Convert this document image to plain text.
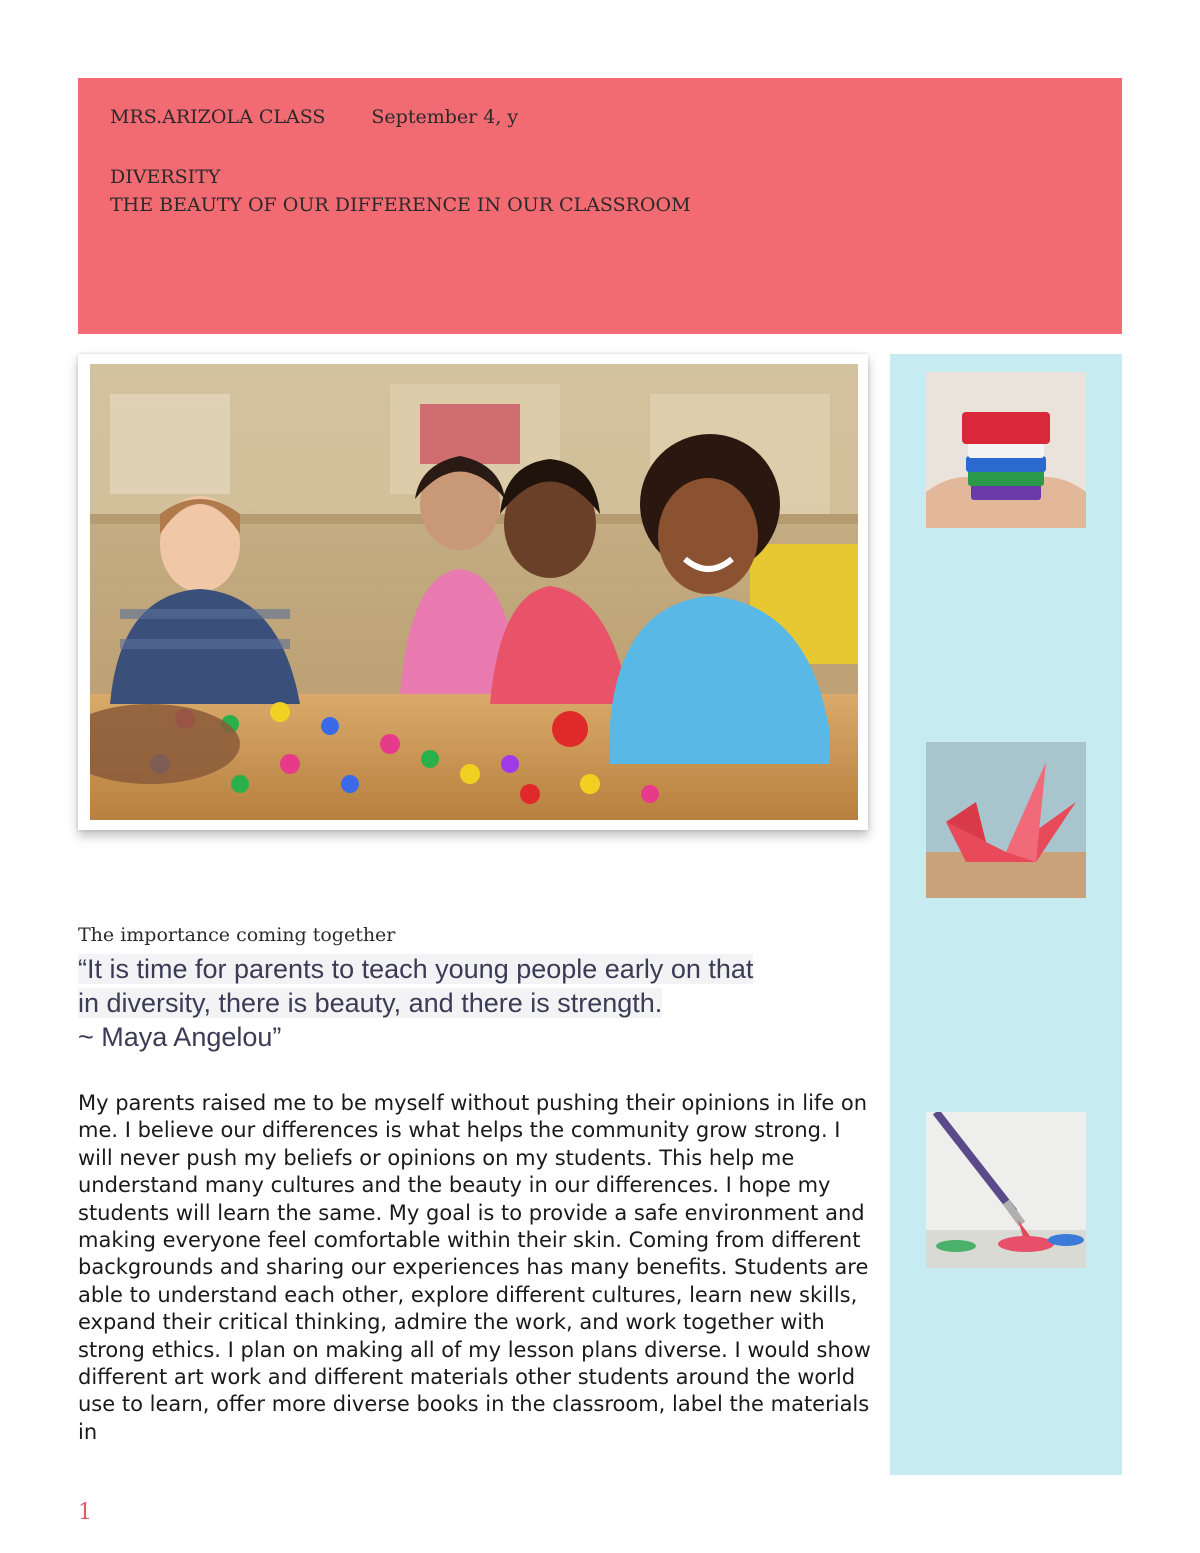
MRS.ARIZOLA CLASS September 4, y
DIVERSITY
THE BEAUTY OF OUR DIFFERENCE IN OUR CLASSROOM
The importance coming together
“It is time for parents to teach young people early on that
in diversity, there is beauty, and there is strength.
~ Maya Angelou”
My parents raised me to be myself without pushing their opinions in life on me. I believe our differences is what helps the community grow strong. I will never push my beliefs or opinions on my students. This help me understand many cultures and the beauty in our differences. I hope my students will learn the same. My goal is to provide a safe environment and making everyone feel comfortable within their skin. Coming from different backgrounds and sharing our experiences has many benefits. Students are able to understand each other, explore different cultures, learn new skills, expand their critical thinking, admire the work, and work together with strong ethics. I plan on making all of my lesson plans diverse. I would show different art work and different materials other students around the world use to learn, offer more diverse books in the classroom, label the materials in
1
